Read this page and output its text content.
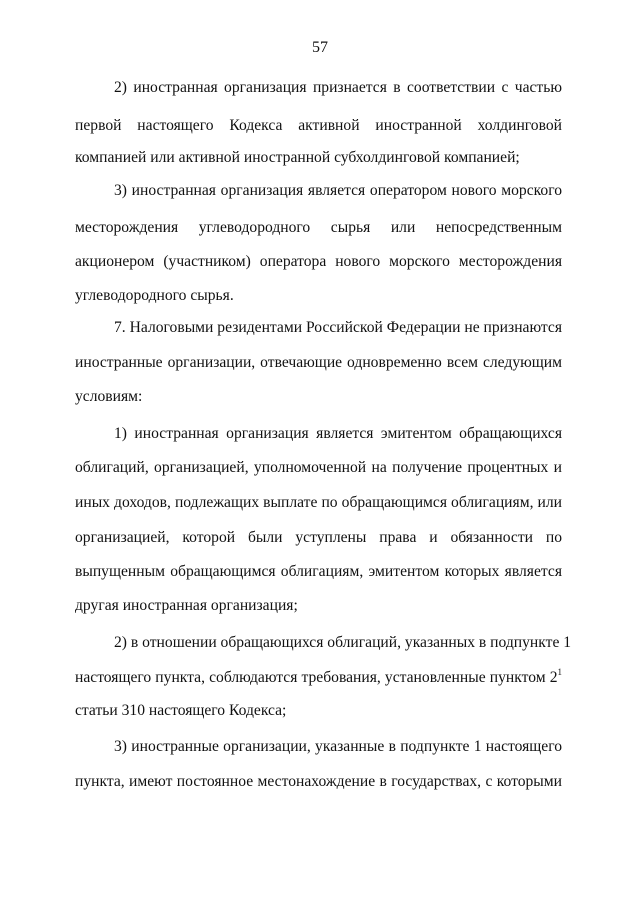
57
2) иностранная организация признается в соответствии с частью
первой настоящего Кодекса активной иностранной холдинговой
компанией или активной иностранной субхолдинговой компанией;
3) иностранная организация является оператором нового морского
месторождения углеводородного сырья или непосредственным
акционером (участником) оператора нового морского месторождения
углеводородного сырья.
7. Налоговыми резидентами Российской Федерации не признаются
иностранные организации, отвечающие одновременно всем следующим
условиям:
1) иностранная организация является эмитентом обращающихся
облигаций, организацией, уполномоченной на получение процентных и
иных доходов, подлежащих выплате по обращающимся облигациям, или
организацией, которой были уступлены права и обязанности по
выпущенным обращающимся облигациям, эмитентом которых является
другая иностранная организация;
2) в отношении обращающихся облигаций, указанных в подпункте 1
настоящего пункта, соблюдаются требования, установленные пунктом $2^1$
статьи 310 настоящего Кодекса;
3) иностранные организации, указанные в подпункте 1 настоящего
пункта, имеют постоянное местонахождение в государствах, с которыми
